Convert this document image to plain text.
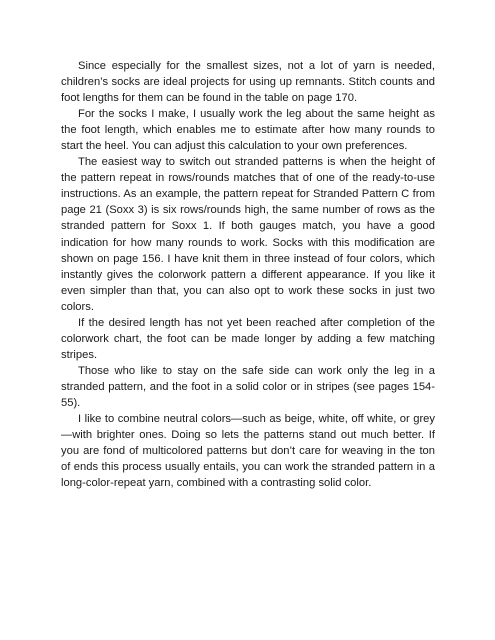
Since especially for the smallest sizes, not a lot of yarn is needed, children’s socks are ideal projects for using up remnants. Stitch counts and foot lengths for them can be found in the table on page 170.

For the socks I make, I usually work the leg about the same height as the foot length, which enables me to estimate after how many rounds to start the heel. You can adjust this calculation to your own preferences.

The easiest way to switch out stranded patterns is when the height of the pattern repeat in rows/rounds matches that of one of the ready-to-use instructions. As an example, the pattern repeat for Stranded Pattern C from page 21 (Soxx 3) is six rows/rounds high, the same number of rows as the stranded pattern for Soxx 1. If both gauges match, you have a good indication for how many rounds to work. Socks with this modification are shown on page 156. I have knit them in three instead of four colors, which instantly gives the colorwork pattern a different appearance. If you like it even simpler than that, you can also opt to work these socks in just two colors.

If the desired length has not yet been reached after completion of the colorwork chart, the foot can be made longer by adding a few matching stripes.

Those who like to stay on the safe side can work only the leg in a stranded pattern, and the foot in a solid color or in stripes (see pages 154-55).

I like to combine neutral colors—such as beige, white, off white, or grey—with brighter ones. Doing so lets the patterns stand out much better. If you are fond of multicolored patterns but don’t care for weaving in the ton of ends this process usually entails, you can work the stranded pattern in a long-color-repeat yarn, combined with a contrasting solid color.
